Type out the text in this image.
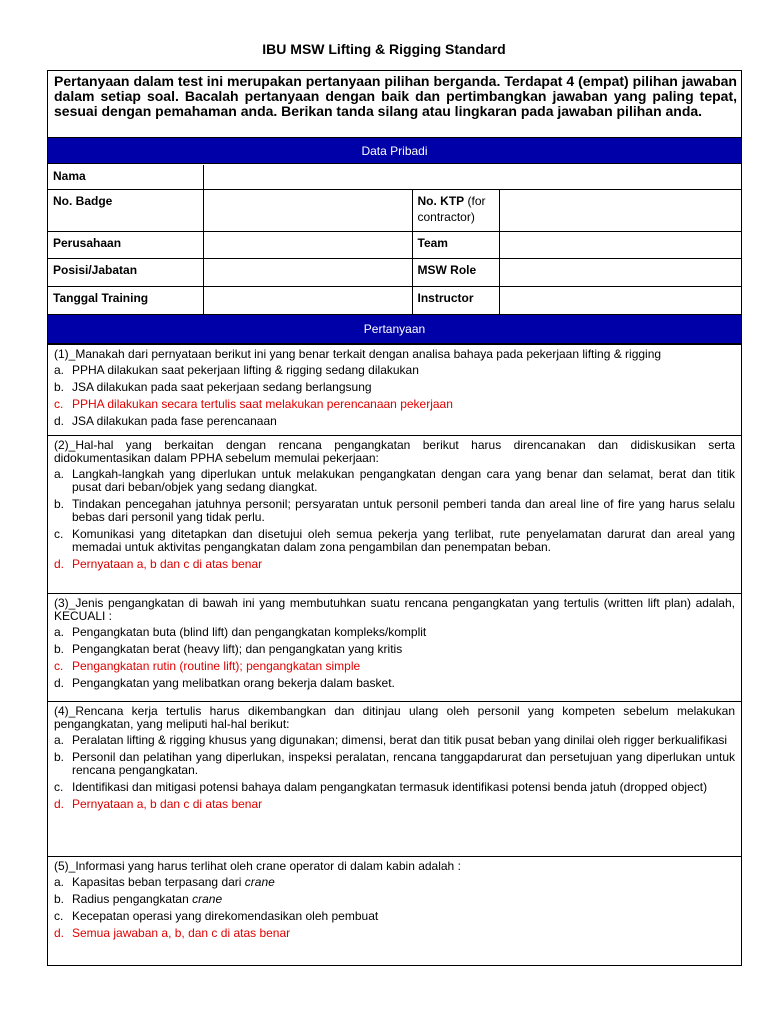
IBU MSW Lifting & Rigging Standard
Pertanyaan dalam test ini merupakan pertanyaan pilihan berganda. Terdapat 4 (empat) pilihan jawaban dalam setiap soal. Bacalah pertanyaan dengan baik dan pertimbangkan jawaban yang paling tepat, sesuai dengan pemahaman anda. Berikan tanda silang atau lingkaran pada jawaban pilihan anda.
Data Pribadi
Nama			
No. Badge		No. KTP (for contractor)	
Perusahaan		Team	
Posisi/Jabatan		MSW Role	
Tanggal Training		Instructor	
Pertanyaan
(1)_Manakah dari pernyataan berikut ini yang benar terkait dengan analisa bahaya pada pekerjaan lifting & rigging
a. PPHA dilakukan saat pekerjaan lifting & rigging sedang dilakukan
b. JSA dilakukan pada saat pekerjaan sedang berlangsung
c. PPHA dilakukan secara tertulis saat melakukan perencanaan pekerjaan
d. JSA dilakukan pada fase perencanaan
(2)_Hal-hal yang berkaitan dengan rencana pengangkatan berikut harus direncanakan dan didiskusikan serta didokumentasikan dalam PPHA sebelum memulai pekerjaan:
a. Langkah-langkah yang diperlukan untuk melakukan pengangkatan dengan cara yang benar dan selamat, berat dan titik pusat dari beban/objek yang sedang diangkat.
b. Tindakan pencegahan jatuhnya personil; persyaratan untuk personil pemberi tanda dan areal line of fire yang harus selalu bebas dari personil yang tidak perlu.
c. Komunikasi yang ditetapkan dan disetujui oleh semua pekerja yang terlibat, rute penyelamatan darurat dan areal yang memadai untuk aktivitas pengangkatan dalam zona pengambilan dan penempatan beban.
d. Pernyataan a, b dan c di atas benar
(3)_Jenis pengangkatan di bawah ini yang membutuhkan suatu rencana pengangkatan yang tertulis (written lift plan) adalah, KECUALI :
a. Pengangkatan buta (blind lift) dan pengangkatan kompleks/komplit
b. Pengangkatan berat (heavy lift); dan pengangkatan yang kritis
c. Pengangkatan rutin (routine lift); pengangkatan simple
d. Pengangkatan yang melibatkan orang bekerja dalam basket.
(4)_Rencana kerja tertulis harus dikembangkan dan ditinjau ulang oleh personil yang kompeten sebelum melakukan pengangkatan, yang meliputi hal-hal berikut:
a. Peralatan lifting & rigging khusus yang digunakan; dimensi, berat dan titik pusat beban yang dinilai oleh rigger berkualifikasi
b. Personil dan pelatihan yang diperlukan, inspeksi peralatan, rencana tanggapdarurat dan persetujuan yang diperlukan untuk rencana pengangkatan.
c. Identifikasi dan mitigasi potensi bahaya dalam pengangkatan termasuk identifikasi potensi benda jatuh (dropped object)
d. Pernyataan a, b dan c di atas benar
(5)_Informasi yang harus terlihat oleh crane operator di dalam kabin adalah :
a. Kapasitas beban terpasang dari crane
b. Radius pengangkatan crane
c. Kecepatan operasi yang direkomendasikan oleh pembuat
d. Semua jawaban a, b, dan c di atas benar
